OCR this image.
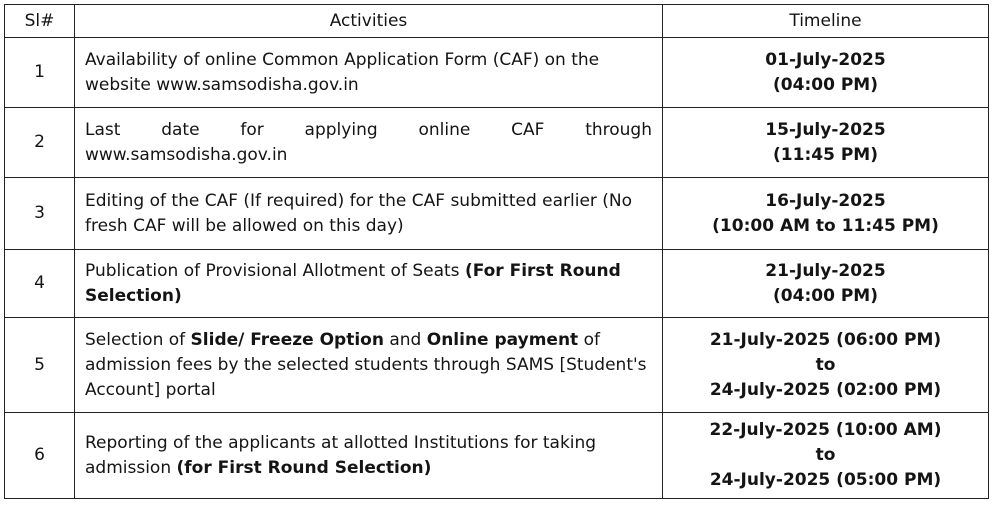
Sl#	Activities	Timeline
1	Availability of online Common Application Form (CAF) on the website www.samsodisha.gov.in	01-July-2025
(04:00 PM)

2	Last date for applying online CAF through
www.samsodisha.gov.in	15-July-2025
(11:45 PM)

3	Editing of the CAF (If required) for the CAF submitted earlier (No fresh CAF will be allowed on this day)	16-July-2025
(10:00 AM to 11:45 PM)

4	Publication of Provisional Allotment of Seats (For First Round Selection)	21-July-2025
(04:00 PM)

5	Selection of Slide/ Freeze Option and Online payment of admission fees by the selected students through SAMS [Student's Account] portal	21-July-2025 (06:00 PM)
to
24-July-2025 (02:00 PM)

6	Reporting of the applicants at allotted Institutions for taking admission (for First Round Selection)	22-July-2025 (10:00 AM)
to
24-July-2025 (05:00 PM)
